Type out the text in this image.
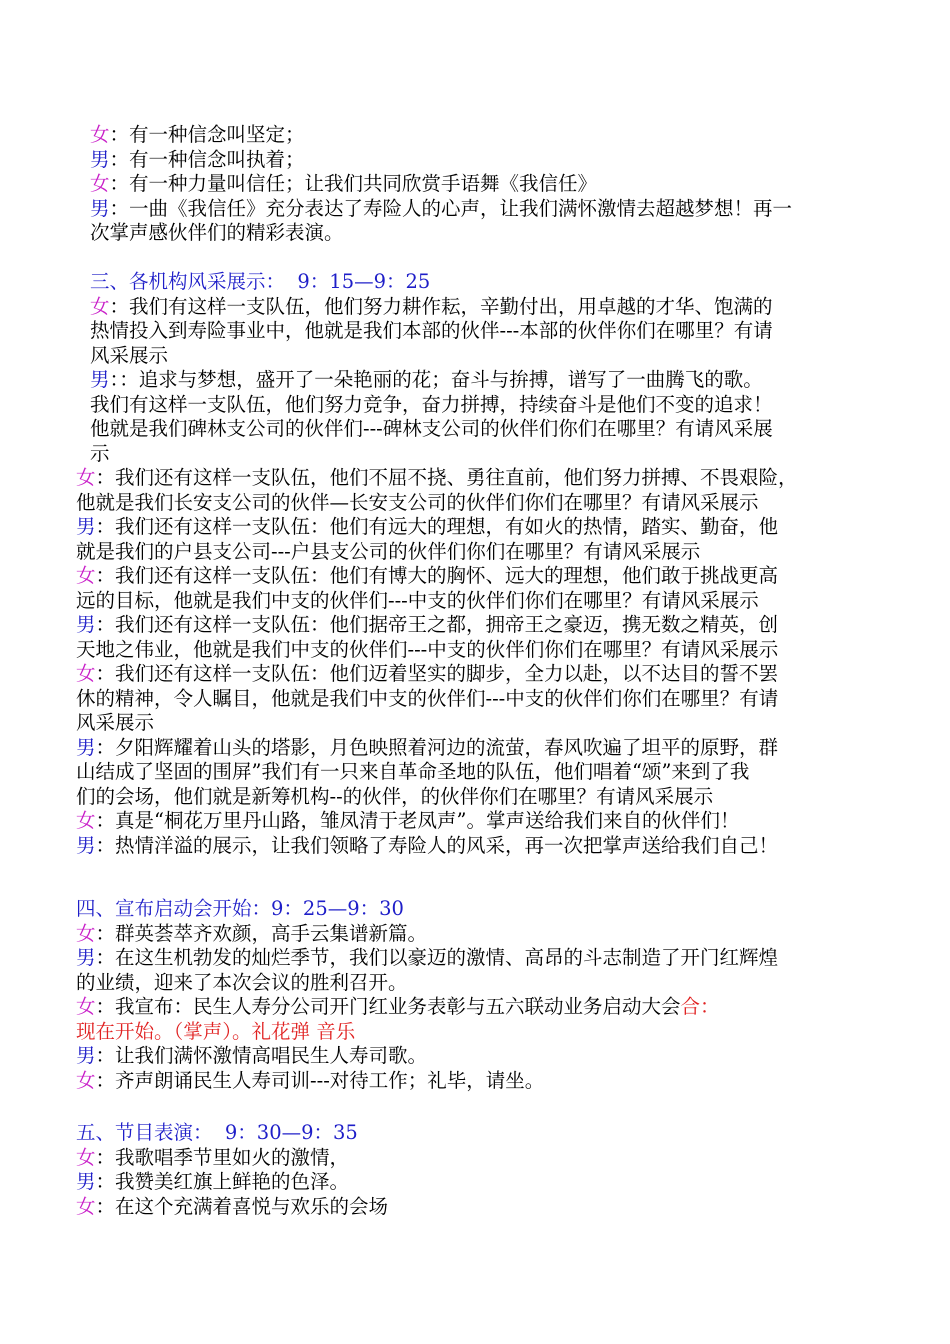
女：有一种信念叫坚定；
男：有一种信念叫执着；
女：有一种力量叫信任；让我们共同欣赏手语舞《我信任》
男：一曲《我信任》充分表达了寿险人的心声，让我们满怀激情去超越梦想！再一
次掌声感伙伴们的精彩表演。
三、各机构风采展示：  9：15—9：25
女：我们有这样一支队伍，他们努力耕作耘，辛勤付出，用卓越的才华、饱满的
热情投入到寿险事业中，他就是我们本部的伙伴---本部的伙伴你们在哪里？有请
风采展示
男：：追求与梦想，盛开了一朵艳丽的花；奋斗与拚搏，谱写了一曲腾飞的歌。
我们有这样一支队伍，他们努力竞争，奋力拼搏，持续奋斗是他们不变的追求！
他就是我们碑林支公司的伙伴们---碑林支公司的伙伴们你们在哪里？有请风采展
示
女：我们还有这样一支队伍，他们不屈不挠、勇往直前，他们努力拼搏、不畏艰险，
他就是我们长安支公司的伙伴—长安支公司的伙伴们你们在哪里？有请风采展示
男：我们还有这样一支队伍：他们有远大的理想，有如火的热情，踏实、勤奋，他
就是我们的户县支公司---户县支公司的伙伴们你们在哪里？有请风采展示
女：我们还有这样一支队伍：他们有博大的胸怀、远大的理想，他们敢于挑战更高
远的目标，他就是我们中支的伙伴们---中支的伙伴们你们在哪里？有请风采展示
男：我们还有这样一支队伍：他们据帝王之都，拥帝王之豪迈，携无数之精英，创
天地之伟业，他就是我们中支的伙伴们---中支的伙伴们你们在哪里？有请风采展示
女：我们还有这样一支队伍：他们迈着坚实的脚步，全力以赴，以不达目的誓不罢
休的精神，令人瞩目，他就是我们中支的伙伴们---中支的伙伴们你们在哪里？有请
风采展示
男：夕阳辉耀着山头的塔影，月色映照着河边的流萤，春风吹遍了坦平的原野，群
山结成了坚固的围屏”我们有一只来自革命圣地的队伍，他们唱着“颂”来到了我
们的会场，他们就是新筹机构--的伙伴，的伙伴你们在哪里？有请风采展示
女：真是“桐花万里丹山路，雏凤清于老凤声”。掌声送给我们来自的伙伴们！
男：热情洋溢的展示，让我们领略了寿险人的风采，再一次把掌声送给我们自己！
四、宣布启动会开始：9：25—9：30
女：群英荟萃齐欢颜，高手云集谱新篇。
男：在这生机勃发的灿烂季节，我们以豪迈的激情、高昂的斗志制造了开门红辉煌
的业绩，迎来了本次会议的胜利召开。
女：我宣布：民生人寿分公司开门红业务表彰与五六联动业务启动大会合：
现在开始。（掌声）。礼花弹 音乐
男：让我们满怀激情高唱民生人寿司歌。
女：齐声朗诵民生人寿司训---对待工作；礼毕，请坐。
五、节目表演：  9：30—9：35
女：我歌唱季节里如火的激情，
男：我赞美红旗上鲜艳的色泽。
女：在这个充满着喜悦与欢乐的会场
